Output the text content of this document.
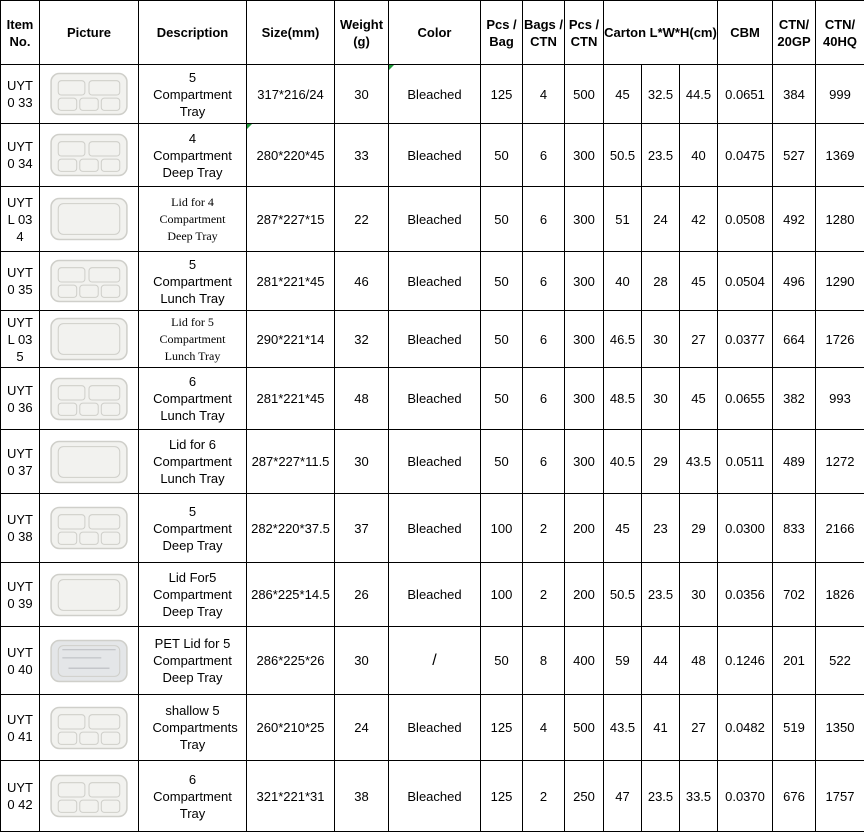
Item No.	Picture	Description	Size(mm)	Weight (g)	Color	Pcs / Bag	Bags / CTN	Pcs / CTN	Carton L*W*H(cm)			CBM	CTN/ 20GP	CTN/ 40HQ
UYT0 33		5 Compartment Tray	317*216/24	30	Bleached	125	4	500	45	32.5	44.5	0.0651	384	999
UYT0 34		4 Compartment Deep Tray	280*220*45	33	Bleached	50	6	300	50.5	23.5	40	0.0475	527	1369
UYTL 034		Lid for 4 Compartment Deep Tray	287*227*15	22	Bleached	50	6	300	51	24	42	0.0508	492	1280
UYT0 35		5 Compartment Lunch Tray	281*221*45	46	Bleached	50	6	300	40	28	45	0.0504	496	1290
UYTL 035		Lid for 5 Compartment Lunch Tray	290*221*14	32	Bleached	50	6	300	46.5	30	27	0.0377	664	1726
UYT0 36		6 Compartment Lunch Tray	281*221*45	48	Bleached	50	6	300	48.5	30	45	0.0655	382	993
UYT0 37		Lid for 6 Compartment Lunch Tray	287*227*11.5	30	Bleached	50	6	300	40.5	29	43.5	0.0511	489	1272
UYT0 38		5 Compartment Deep Tray	282*220*37.5	37	Bleached	100	2	200	45	23	29	0.0300	833	2166
UYT0 39		Lid For5 Compartment Deep Tray	286*225*14.5	26	Bleached	100	2	200	50.5	23.5	30	0.0356	702	1826
UYT0 40		PET Lid for 5 Compartment Deep Tray	286*225*26	30	/	50	8	400	59	44	48	0.1246	201	522
UYT0 41		shallow 5 Compartments Tray	260*210*25	24	Bleached	125	4	500	43.5	41	27	0.0482	519	1350
UYT0 42		6 Compartment Tray	321*221*31	38	Bleached	125	2	250	47	23.5	33.5	0.0370	676	1757
